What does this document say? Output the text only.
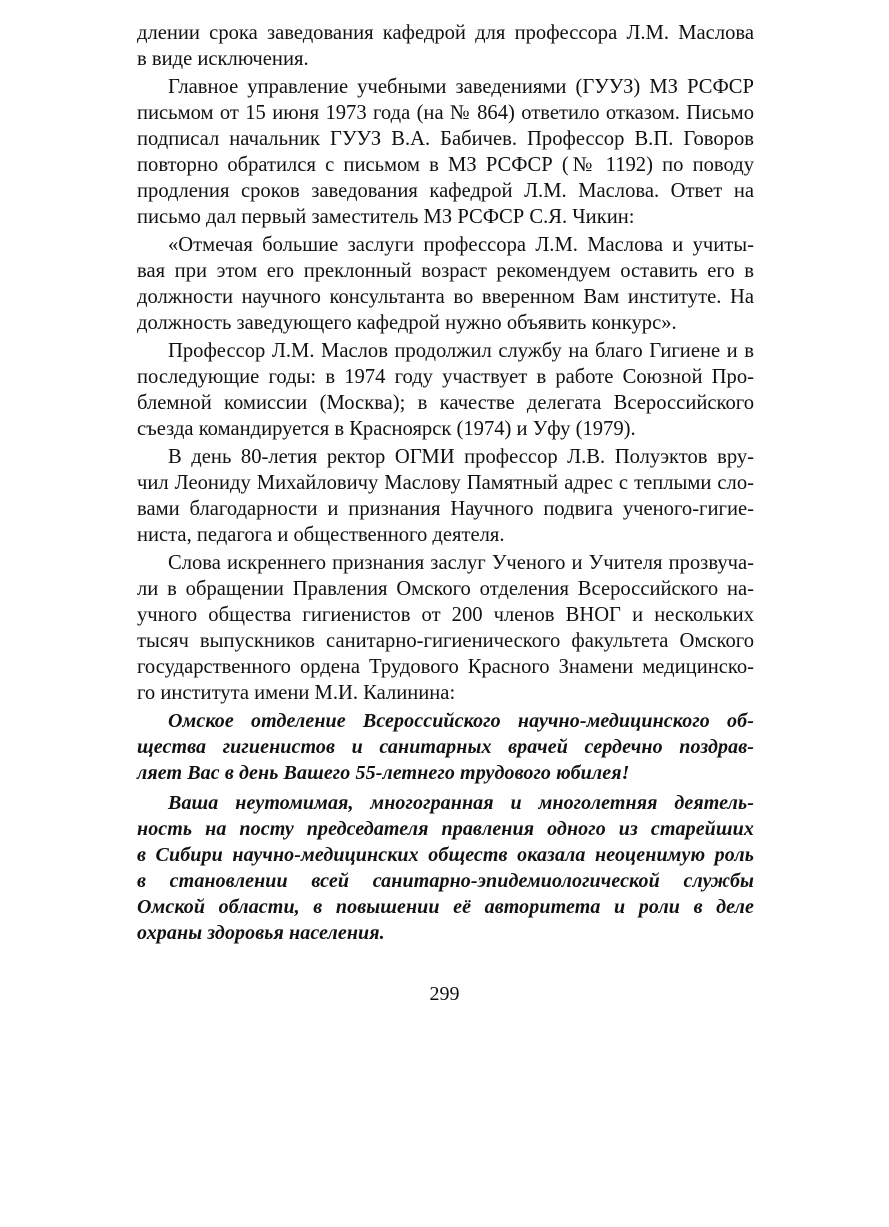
длении срока заведования кафедрой для профессора Л.М. Маслова
в виде исключения.
Главное управление учебными заведениями (ГУУЗ) МЗ РСФСР
письмом от 15 июня 1973 года (на № 864) ответило отказом. Письмо
подписал начальник ГУУЗ В.А. Бабичев. Профессор В.П. Говоров
повторно обратился с письмом в МЗ РСФСР (№ 1192) по поводу
продления сроков заведования кафедрой Л.М. Маслова. Ответ на
письмо дал первый заместитель МЗ РСФСР С.Я. Чикин:
«Отмечая большие заслуги профессора Л.М. Маслова и учиты-
вая при этом его преклонный возраст рекомендуем оставить его в
должности научного консультанта во вверенном Вам институте. На
должность заведующего кафедрой нужно объявить конкурс».
Профессор Л.М. Маслов продолжил службу на благо Гигиене и в
последующие годы: в 1974 году участвует в работе Союзной Про-
блемной комиссии (Москва); в качестве делегата Всероссийского
съезда командируется в Красноярск (1974) и Уфу (1979).
В день 80-летия ректор ОГМИ профессор Л.В. Полуэктов вру-
чил Леониду Михайловичу Маслову Памятный адрес с теплыми сло-
вами благодарности и признания Научного подвига ученого-гигие-
ниста, педагога и общественного деятеля.
Слова искреннего признания заслуг Ученого и Учителя прозвуча-
ли в обращении Правления Омского отделения Всероссийского на-
учного общества гигиенистов от 200 членов ВНОГ и нескольких
тысяч выпускников санитарно-гигиенического факультета Омского
государственного ордена Трудового Красного Знамени медицинско-
го института имени М.И. Калинина:
Омское отделение Всероссийского научно-медицинского об-
щества гигиенистов и санитарных врачей сердечно поздрав-
ляет Вас в день Вашего 55-летнего трудового юбилея!
Ваша неутомимая, многогранная и многолетняя деятель-
ность на посту председателя правления одного из старейших
в Сибири научно-медицинских обществ оказала неоценимую роль
в становлении всей санитарно-эпидемиологической службы
Омской области, в повышении её авторитета и роли в деле
охраны здоровья населения.
299
